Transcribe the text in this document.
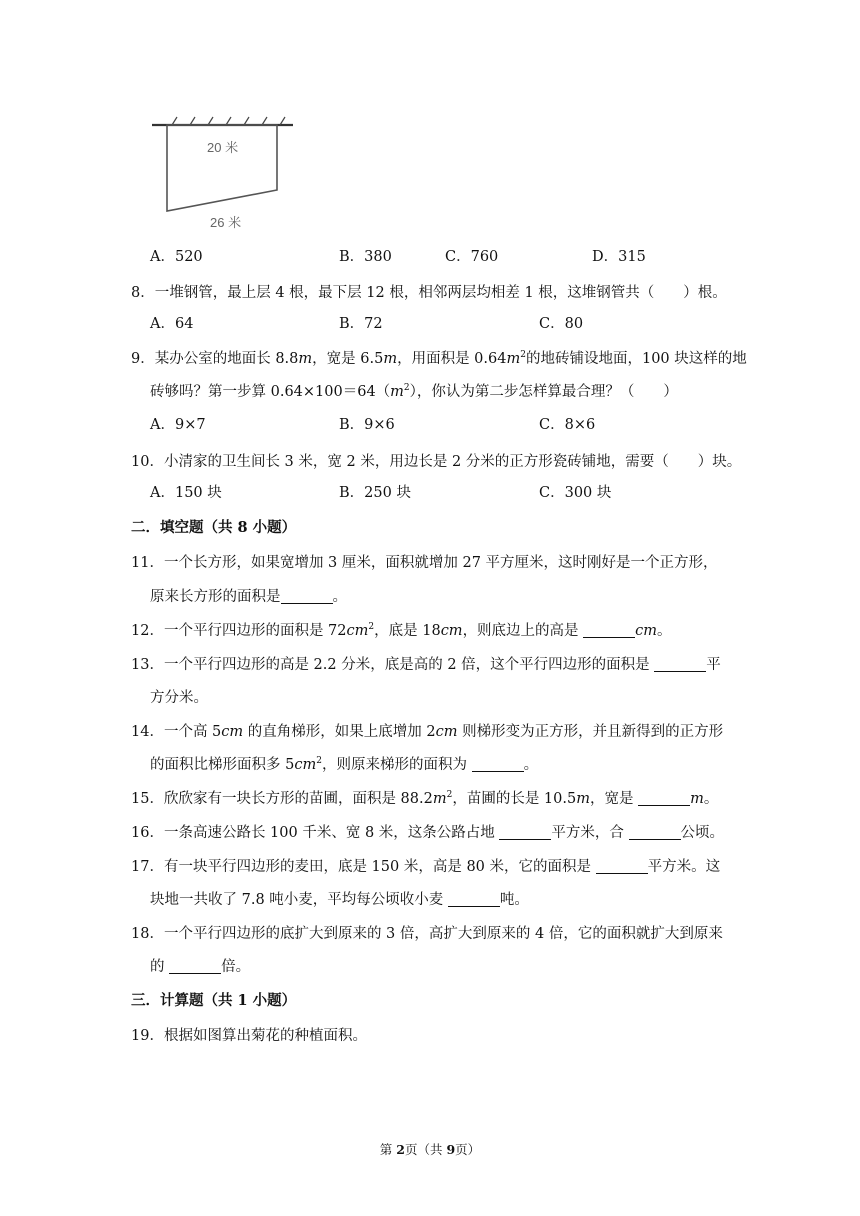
20 米
26 米
A．520	B．380	C．760	D．315
8．一堆钢管，最上层 4 根，最下层 12 根，相邻两层均相差 1 根，这堆钢管共（　　）根。
A．64	B．72	C．80
9．某办公室的地面长 8.8m，宽是 6.5m，用面积是 $0.64m^2$的地砖铺设地面，100 块这样的地
砖够吗？第一步算 $0.64\times 100=64(m^2)$，你认为第二步怎样算最合理？（　　）
A．9×7	B．9×6	C．8×6
10．小清家的卫生间长 3 米，宽 2 米，用边长是 2 分米的正方形瓷砖铺地，需要（　　）块。
A．150 块	B．250 块	C．300 块
二．填空题（共 8 小题）
11．一个长方形，如果宽增加 3 厘米，面积就增加 27 平方厘米，这时刚好是一个正方形，
原来长方形的面积是	。
12．一个平行四边形的面积是 $72cm^2$，底是 18cm，则底边上的高是	cm。
13．一个平行四边形的高是 2.2 分米，底是高的 2 倍，这个平行四边形的面积是	平
方分米。
14．一个高 5cm 的直角梯形，如果上底增加 2cm 则梯形变为正方形，并且新得到的正方形
的面积比梯形面积多 $5cm^2$，则原来梯形的面积为	。
15．欣欣家有一块长方形的苗圃，面积是 $88.2m^2$，苗圃的长是 10.5m，宽是	m。
16．一条高速公路长 100 千米、宽 8 米，这条公路占地	平方米，合	公顷。
17．有一块平行四边形的麦田，底是 150 米，高是 80 米，它的面积是	平方米。这
块地一共收了 7.8 吨小麦，平均每公顷收小麦	吨。
18．一个平行四边形的底扩大到原来的 3 倍，高扩大到原来的 4 倍，它的面积就扩大到原来
的	倍。
三．计算题（共 1 小题）
19．根据如图算出菊花的种植面积。
第 2页（共 9页）
